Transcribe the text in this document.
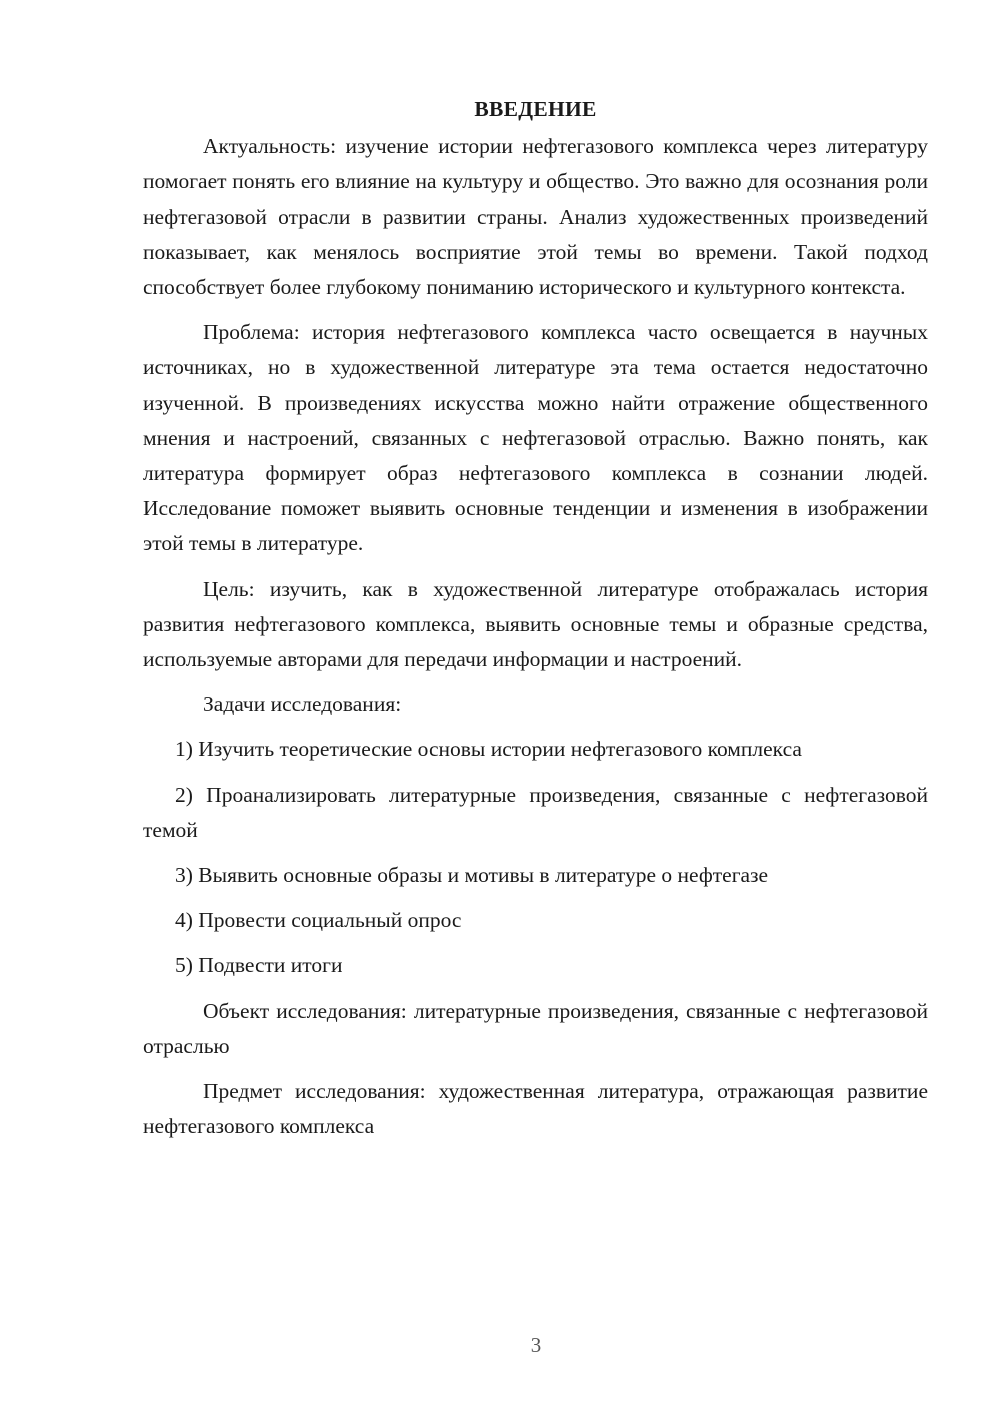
ВВЕДЕНИЕ

Актуальность: изучение истории нефтегазового комплекса через литературу помогает понять его влияние на культуру и общество. Это важно для осознания роли нефтегазовой отрасли в развитии страны. Анализ художественных произведений показывает, как менялось восприятие этой темы во времени. Такой подход способствует более глубокому пониманию исторического и культурного контекста.

Проблема: история нефтегазового комплекса часто освещается в научных источниках, но в художественной литературе эта тема остается недостаточно изученной. В произведениях искусства можно найти отражение общественного мнения и настроений, связанных с нефтегазовой отраслью. Важно понять, как литература формирует образ нефтегазового комплекса в сознании людей. Исследование поможет выявить основные тенденции и изменения в изображении этой темы в литературе.

Цель: изучить, как в художественной литературе отображалась история развития нефтегазового комплекса, выявить основные темы и образные средства, используемые авторами для передачи информации и настроений.

Задачи исследования:

1) Изучить теоретические основы истории нефтегазового комплекса

2) Проанализировать литературные произведения, связанные с нефтегазовой темой

3) Выявить основные образы и мотивы в литературе о нефтегазе

4) Провести социальный опрос

5) Подвести итоги

Объект исследования: литературные произведения, связанные с нефтегазовой отраслью

Предмет исследования: художественная литература, отражающая развитие нефтегазового комплекса

3
